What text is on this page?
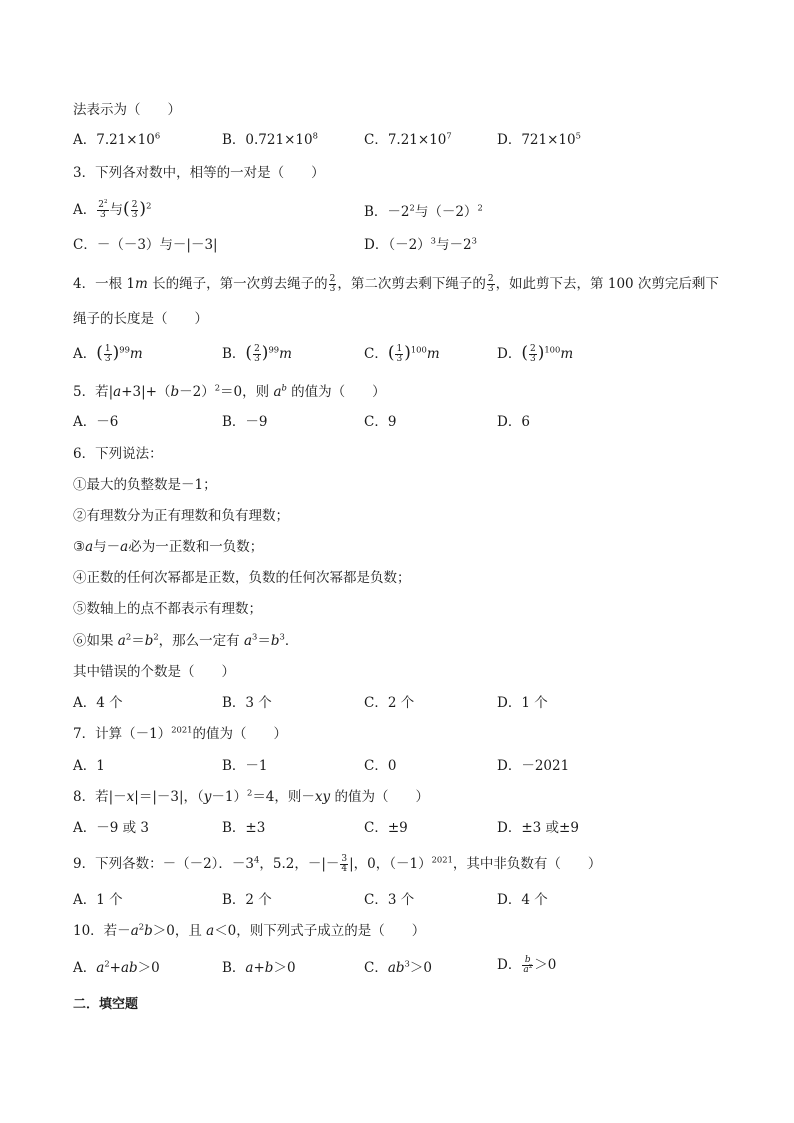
法表示为（　　）
A．$7.21\times 10^6$	B．$0.721\times 10^8$	C．$7.21\times 10^7$	D．$721\times 10^5$
3．下列各对数中，相等的一对是（　　）
A． $\frac{2^2}{3}$ 与( $\frac{2}{3} )^2$	B．$-2^2$与$(-2)^2$
C．－（－3）与－|－3|	D．$(-2)^3$与$-2^3$
4．一根 1m 长的绳子，第一次剪去绳子的 $\frac{2}{3}$ ，第二次剪去剩下绳子的 $\frac{2}{3}$ ，如此剪下去，第 100 次剪完后剩下
绳子的长度是（　　）
A．( $\frac{1}{3} )^{99}m$	B．( $\frac{2}{3} )^{99}m$	C．( $\frac{1}{3} )^{100}m$	D．( $\frac{2}{3} )^{100}m$
5．若$|a+3|+(b-2)^2=0$，则 $a^b$ 的值为（　　）
A．－6	B．－9	C．9	D．6
6．下列说法：
①最大的负整数是－1；
②有理数分为正有理数和负有理数；
③a与－a必为一正数和一负数；
④正数的任何次幂都是正数，负数的任何次幂都是负数；
⑤数轴上的点不都表示有理数；
⑥如果 $a^2=b^2$，那么一定有 $a^3=b^3$．
其中错误的个数是（　　）
A．4 个	B．3 个	C．2 个	D．1 个
7．计算$(-1)^{2021}$的值为（　　）
A．1	B．－1	C．0	D．－2021
8．若|－x|＝|－3|，$(y-1)^2=4$，则－xy 的值为（　　）
A．－9 或 3	B．±3	C．±9	D．±3 或±9
9．下列各数：－（－2）．$-3^4$，5.2，－|－ $\frac{3}{4}$ |，0，$(-1)^{2021}$，其中非负数有（　　）
A．1 个	B．2 个	C．3 个	D．4 个
10．若$-a^2b>0$，且 a＜0，则下列式子成立的是（　　）
A．$a^2+ab>0$	B．a+b＞0	C．$ab^3>0$	D． $\frac{b}{a^2} >0$
二．填空题
